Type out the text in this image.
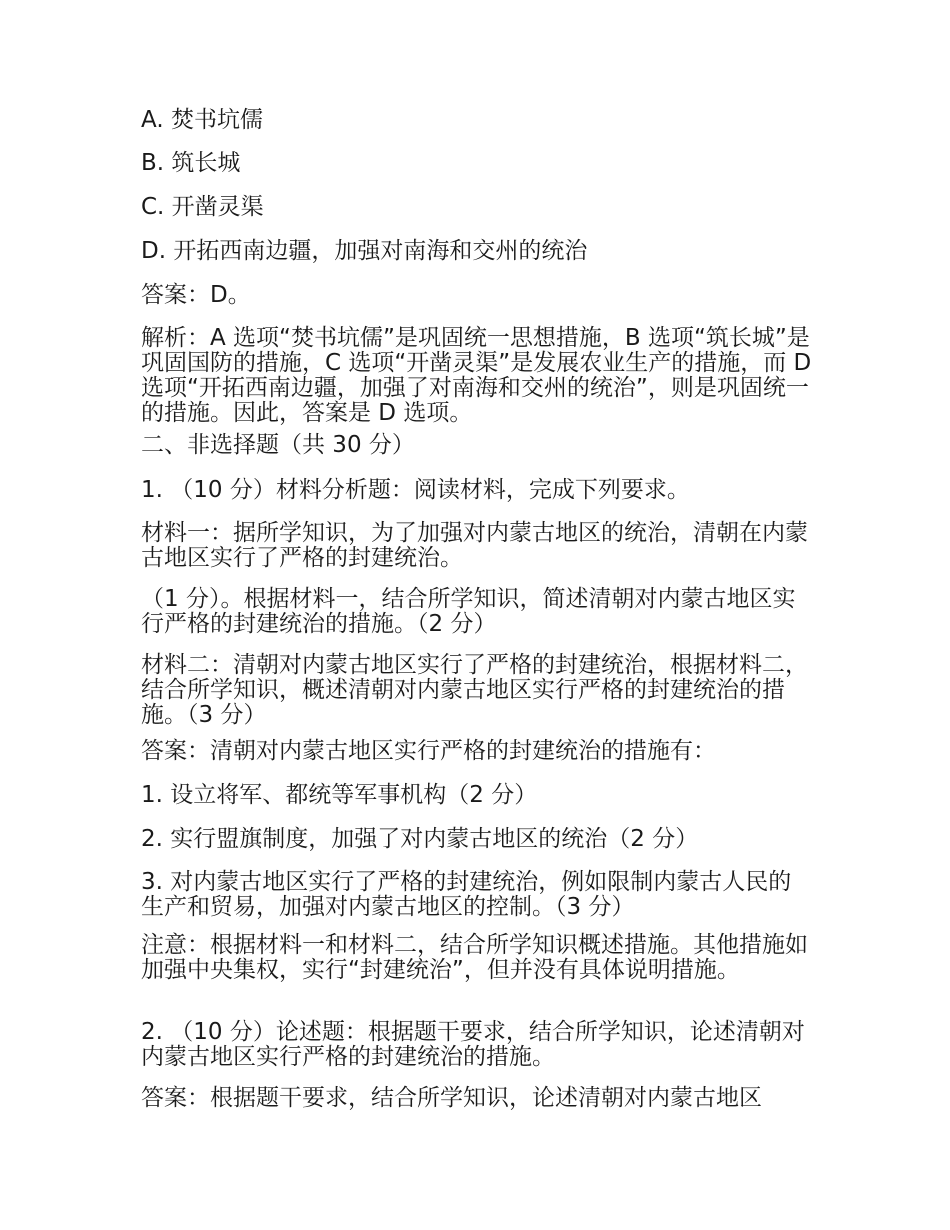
A. 焚书坑儒

B. 筑长城

C. 开凿灵渠

D. 开拓西南边疆，加强对南海和交州的统治

答案：D。

解析：A 选项“焚书坑儒”是巩固统一思想措施，B 选项“筑长城”是巩固国防的措施，C 选项“开凿灵渠”是发展农业生产的措施，而 D 选项“开拓西南边疆，加强了对南海和交州的统治”，则是巩固统一的措施。因此，答案是 D 选项。

二、非选择题（共 30 分）

1. （10 分）材料分析题：阅读材料，完成下列要求。

材料一：据所学知识，为了加强对内蒙古地区的统治，清朝在内蒙古地区实行了严格的封建统治。

（1 分）。根据材料一，结合所学知识，简述清朝对内蒙古地区实行严格的封建统治的措施。（2 分）

材料二：清朝对内蒙古地区实行了严格的封建统治，根据材料二，结合所学知识，概述清朝对内蒙古地区实行严格的封建统治的措施。（3 分）

答案：清朝对内蒙古地区实行严格的封建统治的措施有：

1. 设立将军、都统等军事机构（2 分）

2. 实行盟旗制度，加强了对内蒙古地区的统治（2 分）

3. 对内蒙古地区实行了严格的封建统治，例如限制内蒙古人民的生产和贸易，加强对内蒙古地区的控制。（3 分）

注意：根据材料一和材料二，结合所学知识概述措施。其他措施如加强中央集权，实行“封建统治”，但并没有具体说明措施。

2. （10 分）论述题：根据题干要求，结合所学知识，论述清朝对内蒙古地区实行严格的封建统治的措施。

答案：根据题干要求，结合所学知识，论述清朝对内蒙古地区
